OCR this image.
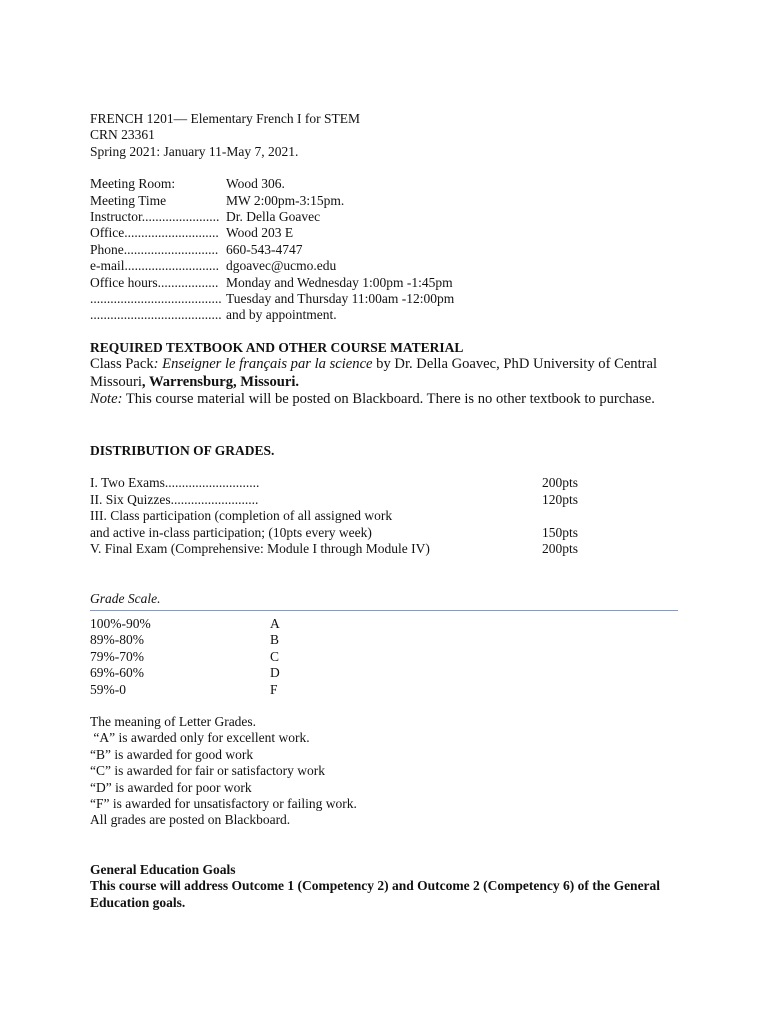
FRENCH 1201— Elementary French I for STEM
CRN 23361
Spring 2021: January 11-May 7, 2021.
Meeting Room:	Wood 306.
Meeting Time	MW 2:00pm-3:15pm.
Instructor....................... Dr. Della Goavec
Office............................ Wood 203 E
Phone............................ 660-543-4747
e-mail............................ dgoavec@ucmo.edu
Office hours.................. Monday and Wednesday 1:00pm -1:45pm
....................................... Tuesday and Thursday 11:00am -12:00pm
....................................... and by appointment.
REQUIRED TEXTBOOK AND OTHER COURSE MATERIAL
Class Pack: Enseigner le français par la science by Dr. Della Goavec, PhD University of Central
Missouri, Warrensburg, Missouri.
Note: This course material will be posted on Blackboard. There is no other textbook to purchase.
DISTRIBUTION OF GRADES.
I. Two Exams............................	200pts
II. Six Quizzes..........................	120pts
III. Class participation (completion of all assigned work
and active in-class participation; (10pts every week)	150pts
V. Final Exam (Comprehensive: Module I through Module IV)	200pts
Grade Scale.
100%-90%	A
89%-80%	B
79%-70%	C
69%-60%	D
59%-0	F
The meaning of Letter Grades.
“A” is awarded only for excellent work.
“B” is awarded for good work
“C” is awarded for fair or satisfactory work
“D” is awarded for poor work
“F” is awarded for unsatisfactory or failing work.
All grades are posted on Blackboard.
General Education Goals
This course will address Outcome 1 (Competency 2) and Outcome 2 (Competency 6) of the General
Education goals.
